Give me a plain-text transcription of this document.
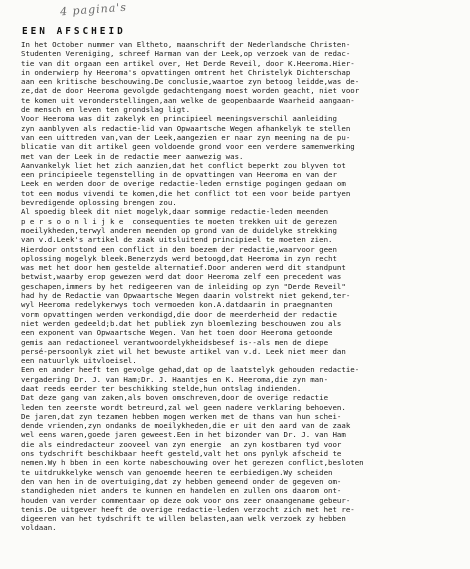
4 pagina's
EEN AFSCHEID
In het October nummer van Eltheto, maanschrift der Nederlandsche Christen-
Studenten Vereniging, schreef Harman van der Leek,op verzoek van de redac-
tie van dit orgaan een artikel over, Het Derde Reveil, door K.Heeroma.Hier-
in onderwierp hy Heeroma's opvattingen omtrent het Christelyk Dichterschap
aan een kritische beschouwing.De conclusie,waartoe zyn betoog leidde,was de-
ze,dat de door Heeroma gevolgde gedachtengang moest worden geacht, niet voor
te komen uit veronderstellingen,aan welke de geopenbaarde Waarheid aangaan-
de mensch en leven ten grondslag ligt.
Voor Heeroma was dit zakelyk en principieel meeningsverschil aanleiding
zyn aanblyven als redactie-lid van Opwaartsche Wegen afhankelyk te stellen
van een uittreden van,van der Leek,aangezien er naar zyn meening na de pu-
blicatie van dit artikel geen voldoende grond voor een verdere samenwerking
met van der Leek in de redactie meer aanwezig was.
Aanvankelyk liet het zich aanzien,dat het conflict beperkt zou blyven tot
een principieele tegenstelling in de opvattingen van Heeroma en van der
Leek en werden door de overige redactie-leden ernstige pogingen gedaan om
tot een modus vivendi te komen,die het conflict tot een voor beide partyen
bevredigende oplossing brengen zou.
Al spoedig bleek dit niet mogelyk,daar sommige redactie-leden meenden
p e r s o o n l i j k e  consequenties te moeten trekken uit de gerezen
moeilykheden,terwyl anderen meenden op grond van de duidelyke strekking
van v.d.Leek's artikel de zaak uitsluitend principieel te moeten zien.
Hierdoor ontstond een conflict in den boezem der redactie,waarvoor geen
oplossing mogelyk bleek.Benerzyds werd betoogd,dat Heeroma in zyn recht
was met het door hem gestelde alternatief.Door anderen werd dit standpunt
betwist,waarby erop gewezen werd dat door Heeroma zelf een precedent was
geschapen,immers by het redigeeren van de inleiding op zyn "Derde Reveil"
had hy de Redactie van Opwaartsche Wegen daarin volstrekt niet gekend,ter-
wyl Heeroma redelykerwys toch vermoeden kon.A.datdaarin in praegnanten
vorm opvattingen werden verkondigd,die door de meerderheid der redactie
niet werden gedeeld;b.dat het publiek zyn bloemlezing beschouwen zou als
een exponent van Opwaartsche Wegen. Van het toen door Heeroma getoonde
gemis aan redactioneel verantwoordelykheidsbesef is--als men de diepe
persé-persoonlyk ziet wil het bewuste artikel van v.d. Leek niet meer dan
een natuurlyk uitvloeisel.
Een en ander heeft ten gevolge gehad,dat op de laatstelyk gehouden redactie-
vergadering Dr. J. van Ham;Dr. J. Haantjes en K. Heeroma,die zyn man-
daat reeds eerder ter beschikking stelde,hun ontslag indienden.
Dat deze gang van zaken,als boven omschreven,door de overige redactie
leden ten zeerste wordt betreurd,zal wel geen nadere verklaring behoeven.
De jaren,dat zyn tezamen hebben mogen werken met de thans van hun schei-
dende vrienden,zyn ondanks de moeilykheden,die er uit den aard van de zaak
wel eens waren,goede jaren geweest.Een in het bizonder van Dr. J. van Ham
die als eindredacteur zooveel van zyn energie  an zyn kostbaren tyd voor
ons tydschrift beschikbaar heeft gesteld,valt het ons pynlyk afscheid te
nemen.Wy h bben in een korte nabeschouwing over het gerezen conflict,besloten
te uitdrukkelyke wensch van genoemde heeren te eerbiedigen.Wy scheiden
den van hen in de overtuiging,dat zy hebben gemeend onder de gegeven om-
standigheden niet anders te kunnen en handelen en zullen ons daarom ont-
houden van verder commentaar op deze ook voor ons zeer onaangename gebeur-
tenis.De uitgever heeft de overige redactie-leden verzocht zich met het re-
digeeren van het tydschrift te willen belasten,aan welk verzoek zy hebben
voldaan.
